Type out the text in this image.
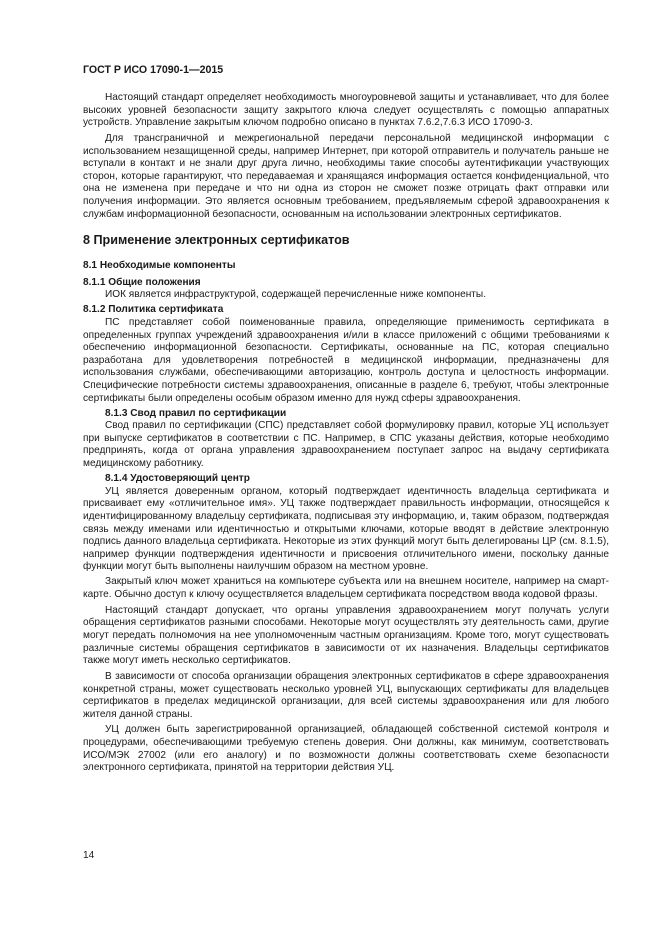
ГОСТ Р ИСО 17090-1—2015

Настоящий стандарт определяет необходимость многоуровневой защиты и устанавливает, что для более высоких уровней безопасности защиту закрытого ключа следует осуществлять с помощью аппаратных устройств. Управление закрытым ключом подробно описано в пунктах 7.6.2,7.6.3 ИСО 17090-3.

Для трансграничной и межрегиональной передачи персональной медицинской информации с использованием незащищенной среды, например Интернет, при которой отправитель и получатель раньше не вступали в контакт и не знали друг друга лично, необходимы такие способы аутентификации участвующих сторон, которые гарантируют, что передаваемая и хранящаяся информация остается конфиденциальной, что она не изменена при передаче и что ни одна из сторон не сможет позже отрицать факт отправки или получения информации. Это является основным требованием, предъявляемым сферой здравоохранения к службам информационной безопасности, основанным на использовании электронных сертификатов.

8 Применение электронных сертификатов
8.1 Необходимые компоненты
8.1.1 Общие положения

ИОК является инфраструктурой, содержащей перечисленные ниже компоненты.

8.1.2 Политика сертификата

ПС представляет собой поименованные правила, определяющие применимость сертификата в определенных группах учреждений здравоохранения и/или в классе приложений с общими требованиями к обеспечению информационной безопасности. Сертификаты, основанные на ПС, которая специально разработана для удовлетворения потребностей в медицинской информации, предназначены для использования службами, обеспечивающими авторизацию, контроль доступа и целостность информации. Специфические потребности системы здравоохранения, описанные в разделе 6, требуют, чтобы электронные сертификаты были определены особым образом именно для нужд сферы здравоохранения.

8.1.3 Свод правил по сертификации

Свод правил по сертификации (СПС) представляет собой формулировку правил, которые УЦ использует при выпуске сертификатов в соответствии с ПС. Например, в СПС указаны действия, которые необходимо предпринять, когда от органа управления здравоохранением поступает запрос на выдачу сертификата медицинскому работнику.

8.1.4 Удостоверяющий центр

УЦ является доверенным органом, который подтверждает идентичность владельца сертификата и присваивает ему «отличительное имя». УЦ также подтверждает правильность информации, относящейся к идентифицированному владельцу сертификата, подписывая эту информацию, и, таким образом, подтверждая связь между именами или идентичностью и открытыми ключами, которые вводят в действие электронную подпись данного владельца сертификата. Некоторые из этих функций могут быть делегированы ЦР (см. 8.1.5), например функции подтверждения идентичности и присвоения отличительного имени, поскольку данные функции могут быть выполнены наилучшим образом на местном уровне.

Закрытый ключ может храниться на компьютере субъекта или на внешнем носителе, например на смарт-карте. Обычно доступ к ключу осуществляется владельцем сертификата посредством ввода кодовой фразы.

Настоящий стандарт допускает, что органы управления здравоохранением могут получать услуги обращения сертификатов разными способами. Некоторые могут осуществлять эту деятельность сами, другие могут передать полномочия на нее уполномоченным частным организациям. Кроме того, могут существовать различные системы обращения сертификатов в зависимости от их назначения. Владельцы сертификатов также могут иметь несколько сертификатов.

В зависимости от способа организации обращения электронных сертификатов в сфере здравоохранения конкретной страны, может существовать несколько уровней УЦ, выпускающих сертификаты для владельцев сертификатов в пределах медицинской организации, для всей системы здравоохранения или для любого жителя данной страны.

УЦ должен быть зарегистрированной организацией, обладающей собственной системой контроля и процедурами, обеспечивающими требуемую степень доверия. Они должны, как минимум, соответствовать ИСО/МЭК 27002 (или его аналогу) и по возможности должны соответствовать схеме безопасности электронного сертификата, принятой на территории действия УЦ.

14
